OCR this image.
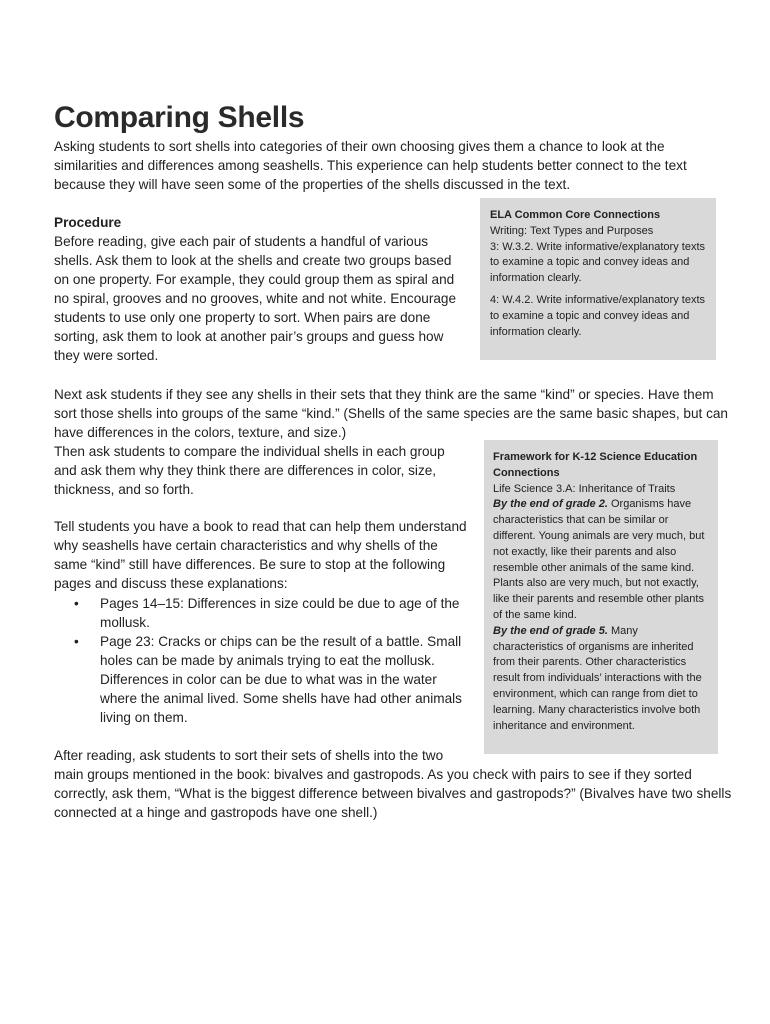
Comparing Shells

Asking students to sort shells into categories of their own choosing gives them a chance to look at the similarities and differences among seashells. This experience can help students better connect to the text because they will have seen some of the properties of the shells discussed in the text.

Procedure

Before reading, give each pair of students a handful of various shells. Ask them to look at the shells and create two groups based on one property. For example, they could group them as spiral and no spiral, grooves and no grooves, white and not white. Encourage students to use only one property to sort. When pairs are done sorting, ask them to look at another pair’s groups and guess how they were sorted.

ELA Common Core Connections

Writing: Text Types and Purposes

3: W.3.2. Write informative/explanatory texts to examine a topic and convey ideas and information clearly.

4: W.4.2. Write informative/explanatory texts to examine a topic and convey ideas and information clearly.

Next ask students if they see any shells in their sets that they think are the same “kind” or species. Have them sort those shells into groups of the same “kind.” (Shells of the same species are the same basic shapes, but can have differences in the colors, texture, and size.)

Then ask students to compare the individual shells in each group and ask them why they think there are differences in color, size, thickness, and so forth.

Framework for K-12 Science Education Connections

Life Science 3.A: Inheritance of Traits

By the end of grade 2. Organisms have characteristics that can be similar or different. Young animals are very much, but not exactly, like their parents and also resemble other animals of the same kind. Plants also are very much, but not exactly, like their parents and resemble other plants of the same kind.

By the end of grade 5. Many characteristics of organisms are inherited from their parents. Other characteristics result from individuals’ interactions with the environment, which can range from diet to learning. Many characteristics involve both inheritance and environment.

Tell students you have a book to read that can help them understand why seashells have certain characteristics and why shells of the same “kind” still have differences. Be sure to stop at the following pages and discuss these explanations:

• Pages 14–15: Differences in size could be due to age of the mollusk.
• Page 23: Cracks or chips can be the result of a battle. Small holes can be made by animals trying to eat the mollusk. Differences in color can be due to what was in the water where the animal lived. Some shells have had other animals living on them.

After reading, ask students to sort their sets of shells into the two

main groups mentioned in the book: bivalves and gastropods. As you check with pairs to see if they sorted correctly, ask them, “What is the biggest difference between bivalves and gastropods?” (Bivalves have two shells connected at a hinge and gastropods have one shell.)
